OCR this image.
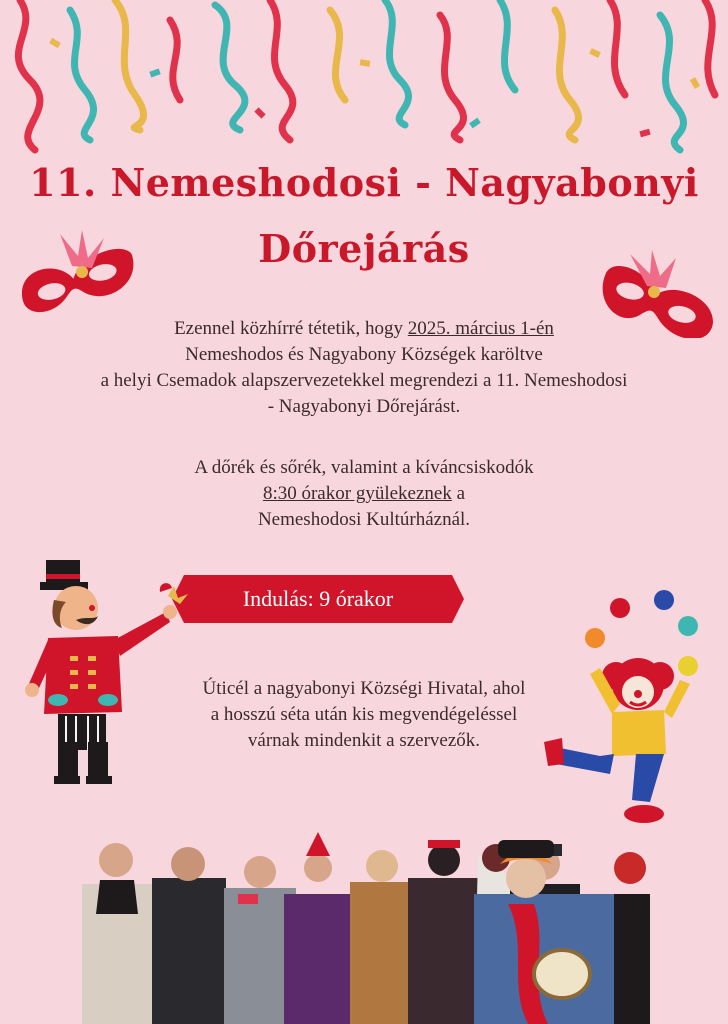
11. Nemeshodosi - Nagyabonyi
Dőrejárás
Ezennel közhírré tétetik, hogy 2025. március 1-én
Nemeshodos és Nagyabony Községek karöltve
a helyi Csemadok alapszervezetekkel megrendezi a 11. Nemeshodosi
- Nagyabonyi Dőrejárást.
A dőrék és sőrék, valamint a kíváncsiskodók
8:30 órakor gyülekeznek a
Nemeshodosi Kultúrháznál.
Indulás: 9 órakor
Úticél a nagyabonyi Községi Hivatal, ahol
a hosszú séta után kis megvendégeléssel
várnak mindenkit a szervezők.
